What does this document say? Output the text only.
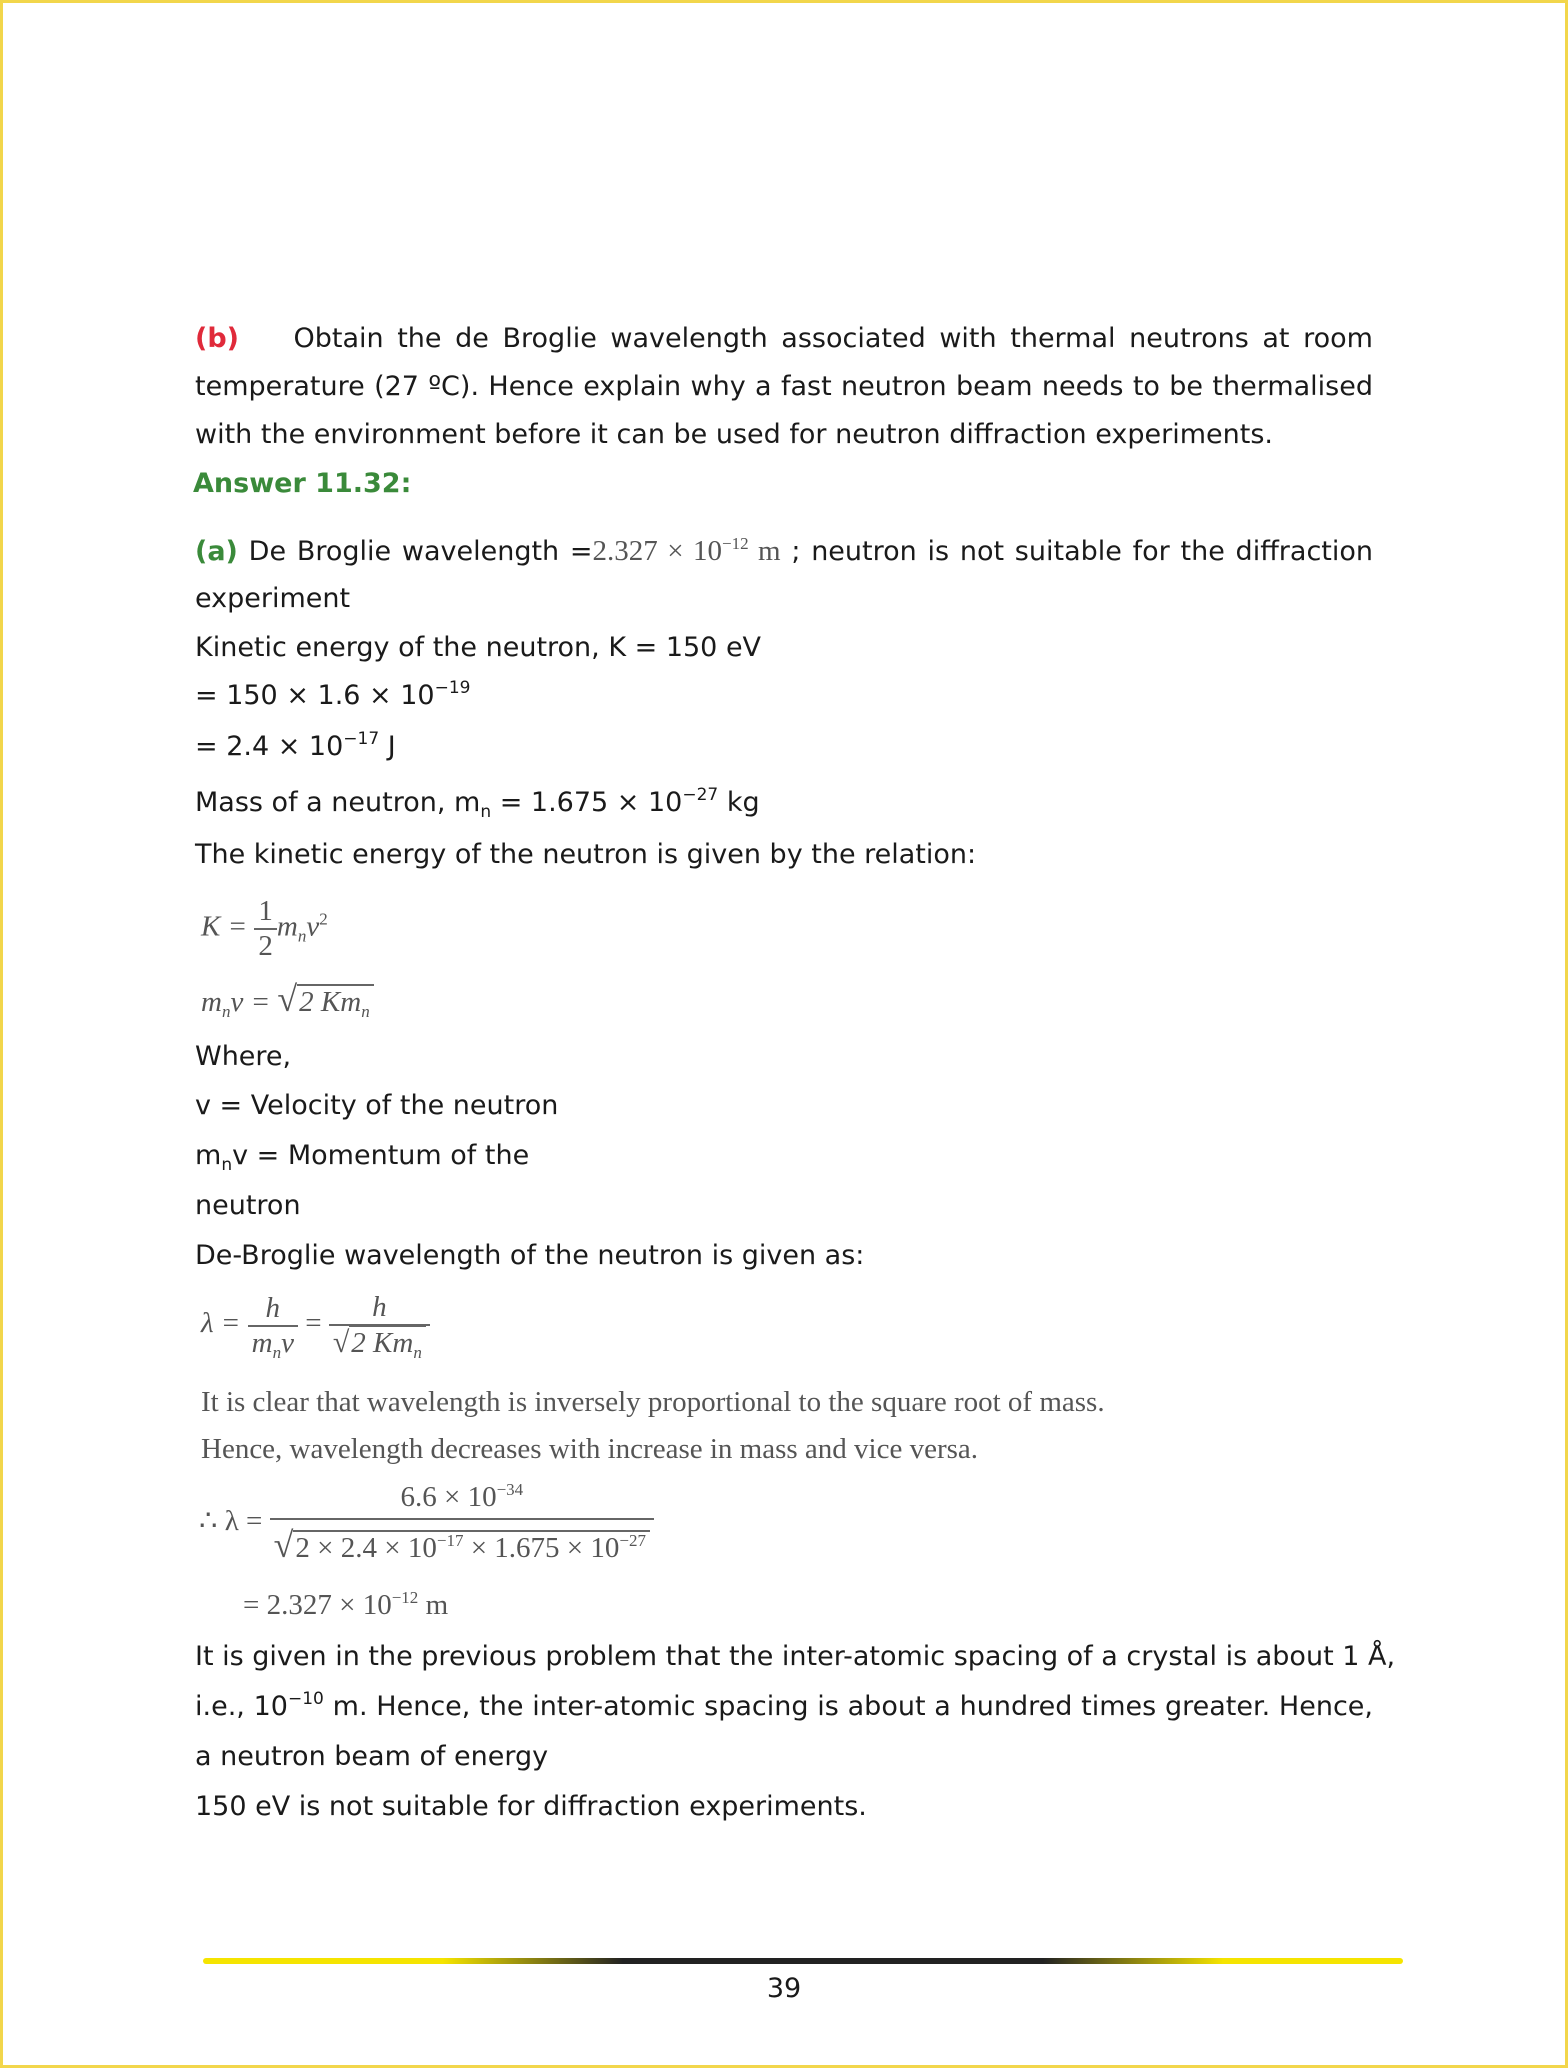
(b) Obtain the de Broglie wavelength associated with thermal neutrons at room
temperature (27 ºC). Hence explain why a fast neutron beam needs to be thermalised
with the environment before it can be used for neutron diffraction experiments.
Answer 11.32:
(a) De Broglie wavelength $=2.327 \times 10^{-12}$ m ; neutron is not suitable for the diffraction
experiment
Kinetic energy of the neutron, K = 150 eV
= $150 \times 1.6 \times 10^{-19}$
= $2.4 \times 10^{-17}$ J
Mass of a neutron, $m_n = 1.675 \times 10^{-27}$ kg
The kinetic energy of the neutron is given by the relation:
$K = \frac{1}{2} m_nv^2$
$m_nv = √2$ $Km_n$
Where,
v = Velocity of the neutron
$m_nv$ = Momentum of the
neutron
De-Broglie wavelength of the neutron is given as:
$\lambda = \frac{h}{m_nv} = \frac{h}{√2 Km_n}$
It is clear that wavelength is inversely proportional to the square root of mass.
Hence, wavelength decreases with increase in mass and vice versa.
∴ $\lambda = \frac{6.6 \times 10^{-34}}{√2 \times 2.4 \times 10^{-17} \times 1.675 \times 10^{-27}}$
= $2.327 \times 10^{-12}$ m
It is given in the previous problem that the inter-atomic spacing of a crystal is about 1 Å,
i.e., $10^{-10}$ m. Hence, the inter-atomic spacing is about a hundred times greater. Hence,
a neutron beam of energy
150 eV is not suitable for diffraction experiments.
39
